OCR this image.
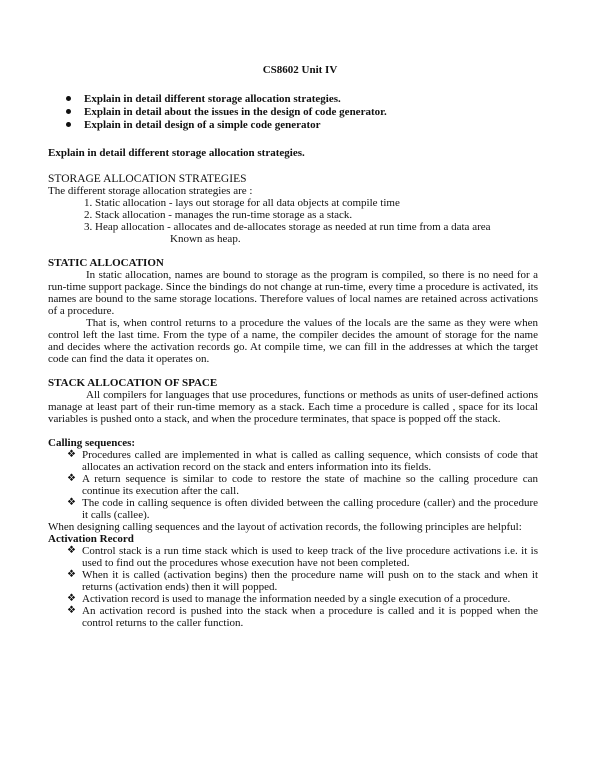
CS8602 Unit IV
Explain in detail different storage allocation strategies.
Explain in detail about the issues in the design of code generator.
Explain in detail design of a simple code generator

Explain in detail different storage allocation strategies.

STORAGE ALLOCATION STRATEGIES

The different storage allocation strategies are :

1. Static allocation - lays out storage for all data objects at compile time
2. Stack allocation - manages the run-time storage as a stack.
3. Heap allocation - allocates and de-allocates storage as needed at run time from a data area

Known as heap.

STATIC ALLOCATION

In static allocation, names are bound to storage as the program is compiled, so there is no need for a run-time support package. Since the bindings do not change at run-time, every time a procedure is activated, its names are bound to the same storage locations. Therefore values of local names are retained across activations of a procedure.

That is, when control returns to a procedure the values of the locals are the same as they were when control left the last time. From the type of a name, the compiler decides the amount of storage for the name and decides where the activation records go. At compile time, we can fill in the addresses at which the target code can find the data it operates on.

STACK ALLOCATION OF SPACE

All compilers for languages that use procedures, functions or methods as units of user-defined actions manage at least part of their run-time memory as a stack. Each time a procedure is called , space for its local variables is pushed onto a stack, and when the procedure terminates, that space is popped off the stack.

Calling sequences:

❖ Procedures called are implemented in what is called as calling sequence, which consists of code that allocates an activation record on the stack and enters information into its fields.
❖ A return sequence is similar to code to restore the state of machine so the calling procedure can continue its execution after the call.
❖ The code in calling sequence is often divided between the calling procedure (caller) and the procedure it calls (callee).

When designing calling sequences and the layout of activation records, the following principles are helpful:

Activation Record

❖ Control stack is a run time stack which is used to keep track of the live procedure activations i.e. it is used to find out the procedures whose execution have not been completed.
❖ When it is called (activation begins) then the procedure name will push on to the stack and when it returns (activation ends) then it will popped.
❖ Activation record is used to manage the information needed by a single execution of a procedure.
❖ An activation record is pushed into the stack when a procedure is called and it is popped when the control returns to the caller function.
